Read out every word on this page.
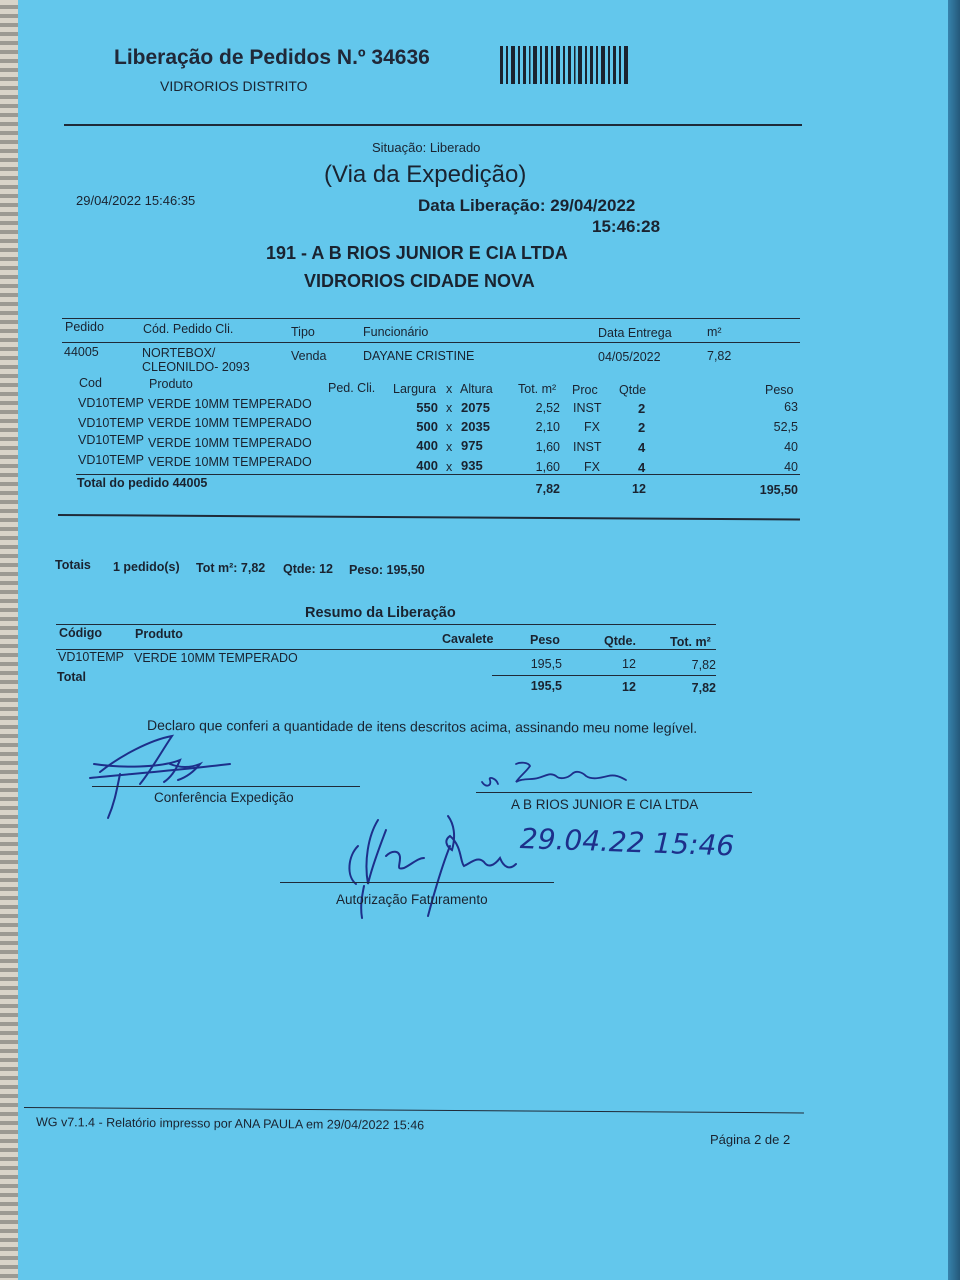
Liberação de Pedidos N.º 34636
VIDRORIOS DISTRITO
Situação: Liberado
(Via da Expedição)
29/04/2022 15:46:35	Data Liberação: 29/04/2022
15:46:28
191 - A B RIOS JUNIOR E CIA LTDA
VIDRORIOS CIDADE NOVA
Pedido	Cód. Pedido Cli.	Tipo	Funcionário	Data Entrega	m²
44005	NORTEBOX/
CLEONILDO- 2093
Venda	DAYANE CRISTINE	04/05/2022	7,82
Cod	Produto	Ped. Cli. Largura x Altura Tot. m² Proc Qtde	Peso
VD10TEMP VERDE 10MM TEMPERADO	550 x 2075	2,52 INST	2	63
VD10TEMP VERDE 10MM TEMPERADO	500 x 2035	2,10 FX	2	52,5
VD10TEMP VERDE 10MM TEMPERADO	400 x 975	1,60 INST	4	40
VD10TEMP VERDE 10MM TEMPERADO	400 x 935	1,60 FX	4	40
Total do pedido 44005	7,82	12	195,50
Totais 1 pedido(s) Tot m²: 7,82 Qtde: 12 Peso: 195,50
Resumo da Liberação
Código	Produto	Cavalete	Peso	Qtde.	Tot. m²
VD10TEMP VERDE 10MM TEMPERADO	195,5	12	7,82
Total
195,5	12	7,82
Declaro que conferi a quantidade de itens descritos acima, assinando meu nome legível.
Conferência Expedição	A B RIOS JUNIOR E CIA LTDA
29.04.22 15:46
Autorização Faturamento
WG v7.1.4 - Relatório impresso por ANA PAULA em 29/04/2022 15:46
Página 2 de 2
